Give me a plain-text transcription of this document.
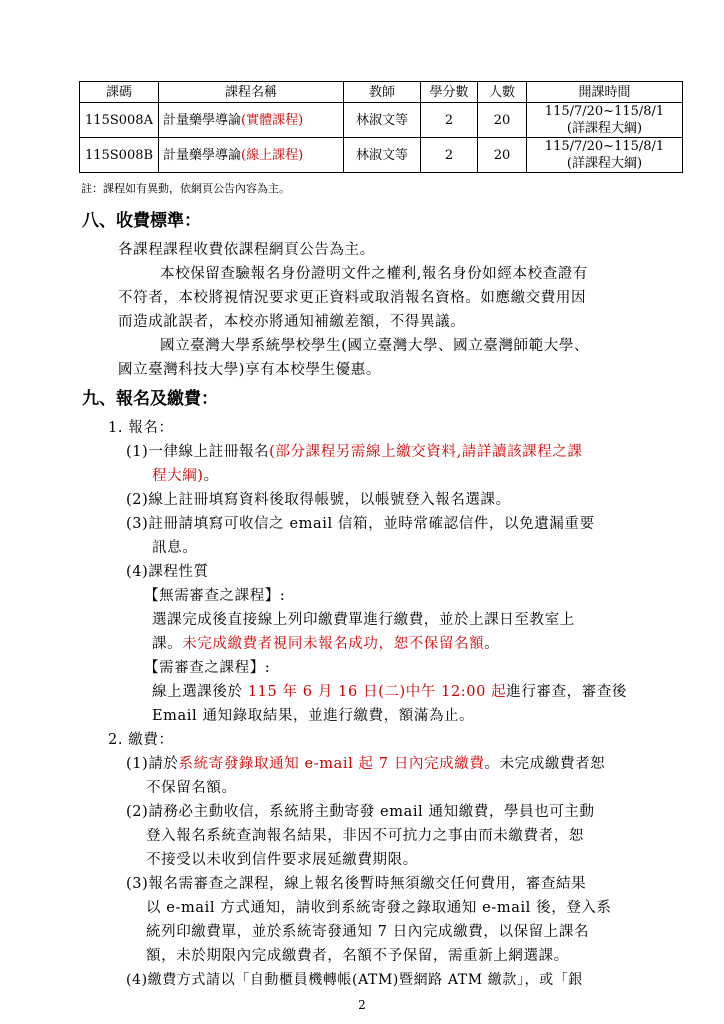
課碼	課程名稱	教師	學分數	人數	開課時間
115S008A	計量藥學導論(實體課程)	林淑文等	2	20	115/7/20~115/8/1
(詳課程大綱)
115S008B	計量藥學導論(線上課程)	林淑文等	2	20	115/7/20~115/8/1
(詳課程大綱)
註：課程如有異動，依網頁公告內容為主。
八、收費標準：
各課程課程收費依課程網頁公告為主。
本校保留查驗報名身份證明文件之權利,報名身份如經本校查證有
不符者，本校將視情況要求更正資料或取消報名資格。如應繳交費用因
而造成訛誤者，本校亦將通知補繳差額，不得異議。
國立臺灣大學系統學校學生(國立臺灣大學、國立臺灣師範大學、
國立臺灣科技大學)享有本校學生優惠。
九、報名及繳費：
1. 報名：
(1)一律線上註冊報名(部分課程另需線上繳交資料,請詳讀該課程之課
程大綱)。
(2)線上註冊填寫資料後取得帳號，以帳號登入報名選課。
(3)註冊請填寫可收信之 email 信箱，並時常確認信件，以免遺漏重要
訊息。
(4)課程性質
【無需審查之課程】:
選課完成後直接線上列印繳費單進行繳費，並於上課日至教室上
課。未完成繳費者視同未報名成功，恕不保留名額。
【需審查之課程】:
線上選課後於 115 年 6 月 16 日(二)中午 12:00 起進行審查，審查後
Email 通知錄取結果，並進行繳費，額滿為止。
2. 繳費：
(1)請於系統寄發錄取通知 e-mail 起 7 日內完成繳費。未完成繳費者恕
不保留名額。
(2)請務必主動收信，系統將主動寄發 email 通知繳費，學員也可主動
登入報名系統查詢報名結果，非因不可抗力之事由而未繳費者，恕
不接受以未收到信件要求展延繳費期限。
(3)報名需審查之課程，線上報名後暫時無須繳交任何費用，審查結果
以 e-mail 方式通知，請收到系統寄發之錄取通知 e-mail 後，登入系
統列印繳費單，並於系統寄發通知 7 日內完成繳費，以保留上課名
額，未於期限內完成繳費者，名額不予保留，需重新上網選課。
(4)繳費方式請以「自動櫃員機轉帳(ATM)暨網路 ATM 繳款」，或「銀
2
